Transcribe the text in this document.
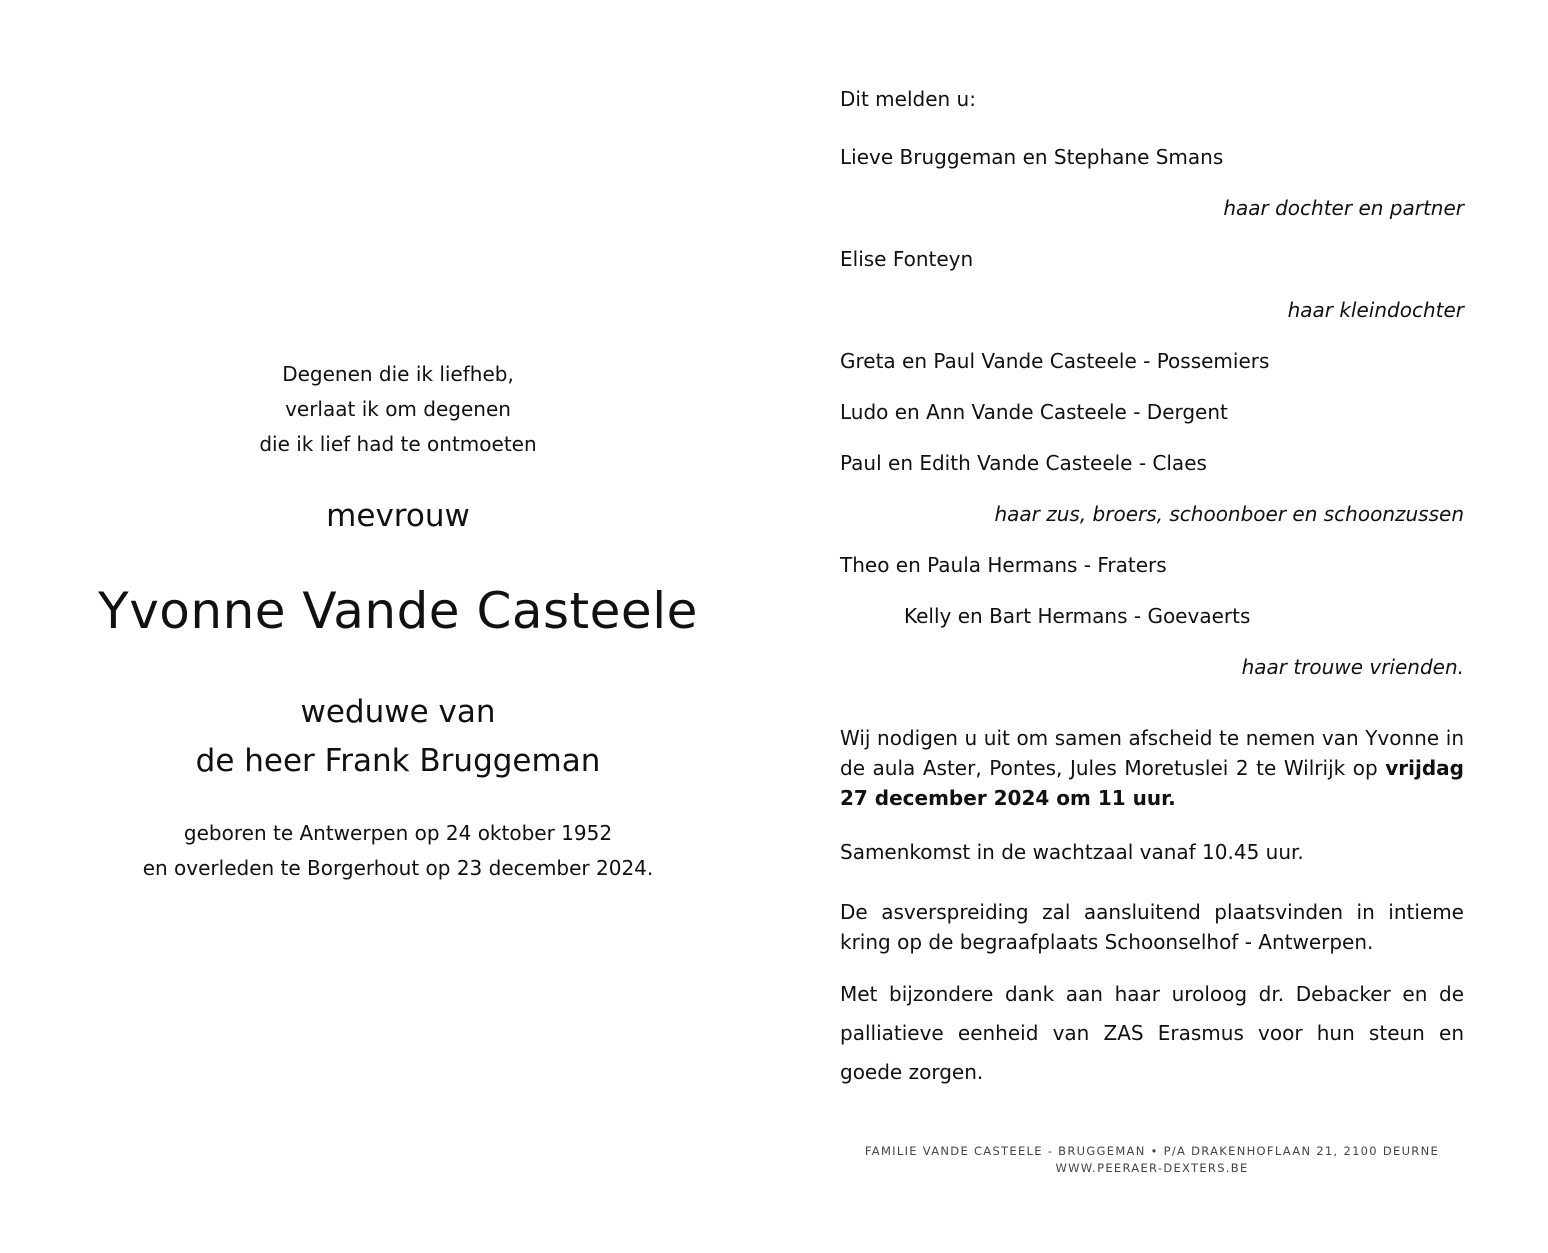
Degenen die ik liefheb,
verlaat ik om degenen
die ik lief had te ontmoeten
mevrouw
Yvonne Vande Casteele
weduwe van
de heer Frank Bruggeman
geboren te Antwerpen op 24 oktober 1952
en overleden te Borgerhout op 23 december 2024.
Dit melden u:
Lieve Bruggeman en Stephane Smans
haar dochter en partner
Elise Fonteyn
haar kleindochter
Greta en Paul Vande Casteele - Possemiers
Ludo en Ann Vande Casteele - Dergent
Paul en Edith Vande Casteele - Claes
haar zus, broers, schoonboer en schoonzussen
Theo en Paula Hermans - Fraters
Kelly en Bart Hermans - Goevaerts
haar trouwe vrienden.
Wij nodigen u uit om samen afscheid te nemen van Yvonne in de aula Aster, Pontes, Jules Moretuslei 2 te Wilrijk op vrijdag 27 december 2024 om 11 uur.
Samenkomst in de wachtzaal vanaf 10.45 uur.
De asverspreiding zal aansluitend plaatsvinden in intieme kring op de begraafplaats Schoonselhof - Antwerpen.
Met bijzondere dank aan haar uroloog dr. Debacker en de palliatieve eenheid van ZAS Erasmus voor hun steun en goede zorgen.
FAMILIE VANDE CASTEELE - BRUGGEMAN • P/A DRAKENHOFLAAN 21, 2100 DEURNE
WWW.PEERAER-DEXTERS.BE
